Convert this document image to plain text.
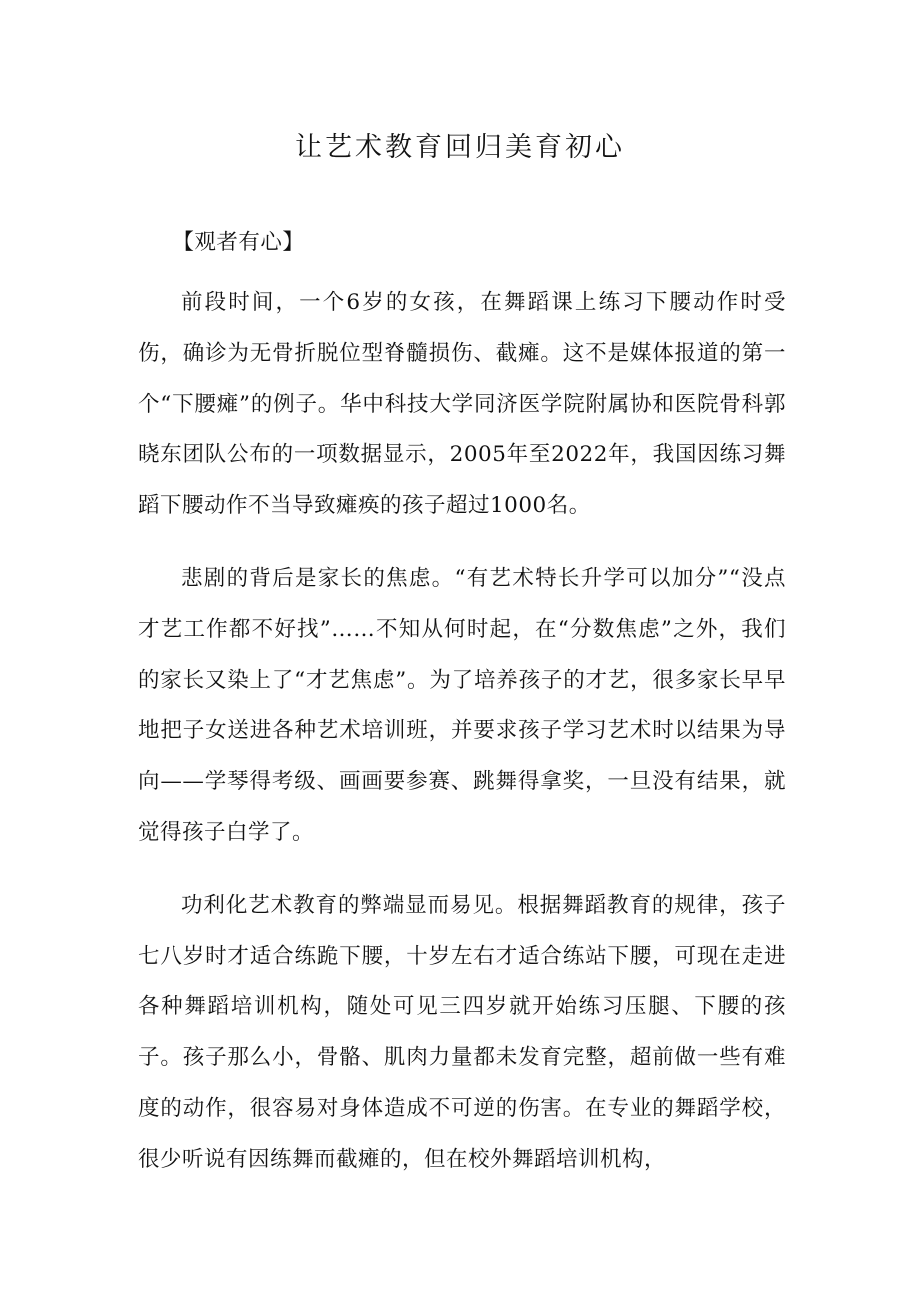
让艺术教育回归美育初心

【观者有心】

前段时间，一个6岁的女孩，在舞蹈课上练习下腰动作时受伤，确诊为无骨折脱位型脊髓损伤、截瘫。这不是媒体报道的第一个“下腰瘫”的例子。华中科技大学同济医学院附属协和医院骨科郭晓东团队公布的一项数据显示，2005年至2022年，我国因练习舞蹈下腰动作不当导致瘫痪的孩子超过1000名。

悲剧的背后是家长的焦虑。“有艺术特长升学可以加分”“没点才艺工作都不好找”……不知从何时起，在“分数焦虑”之外，我们的家长又染上了“才艺焦虑”。为了培养孩子的才艺，很多家长早早地把子女送进各种艺术培训班，并要求孩子学习艺术时以结果为导向——学琴得考级、画画要参赛、跳舞得拿奖，一旦没有结果，就觉得孩子白学了。

功利化艺术教育的弊端显而易见。根据舞蹈教育的规律，孩子七八岁时才适合练跪下腰，十岁左右才适合练站下腰，可现在走进各种舞蹈培训机构，随处可见三四岁就开始练习压腿、下腰的孩子。孩子那么小，骨骼、肌肉力量都未发育完整，超前做一些有难度的动作，很容易对身体造成不可逆的伤害。在专业的舞蹈学校，很少听说有因练舞而截瘫的，但在校外舞蹈培训机构，
